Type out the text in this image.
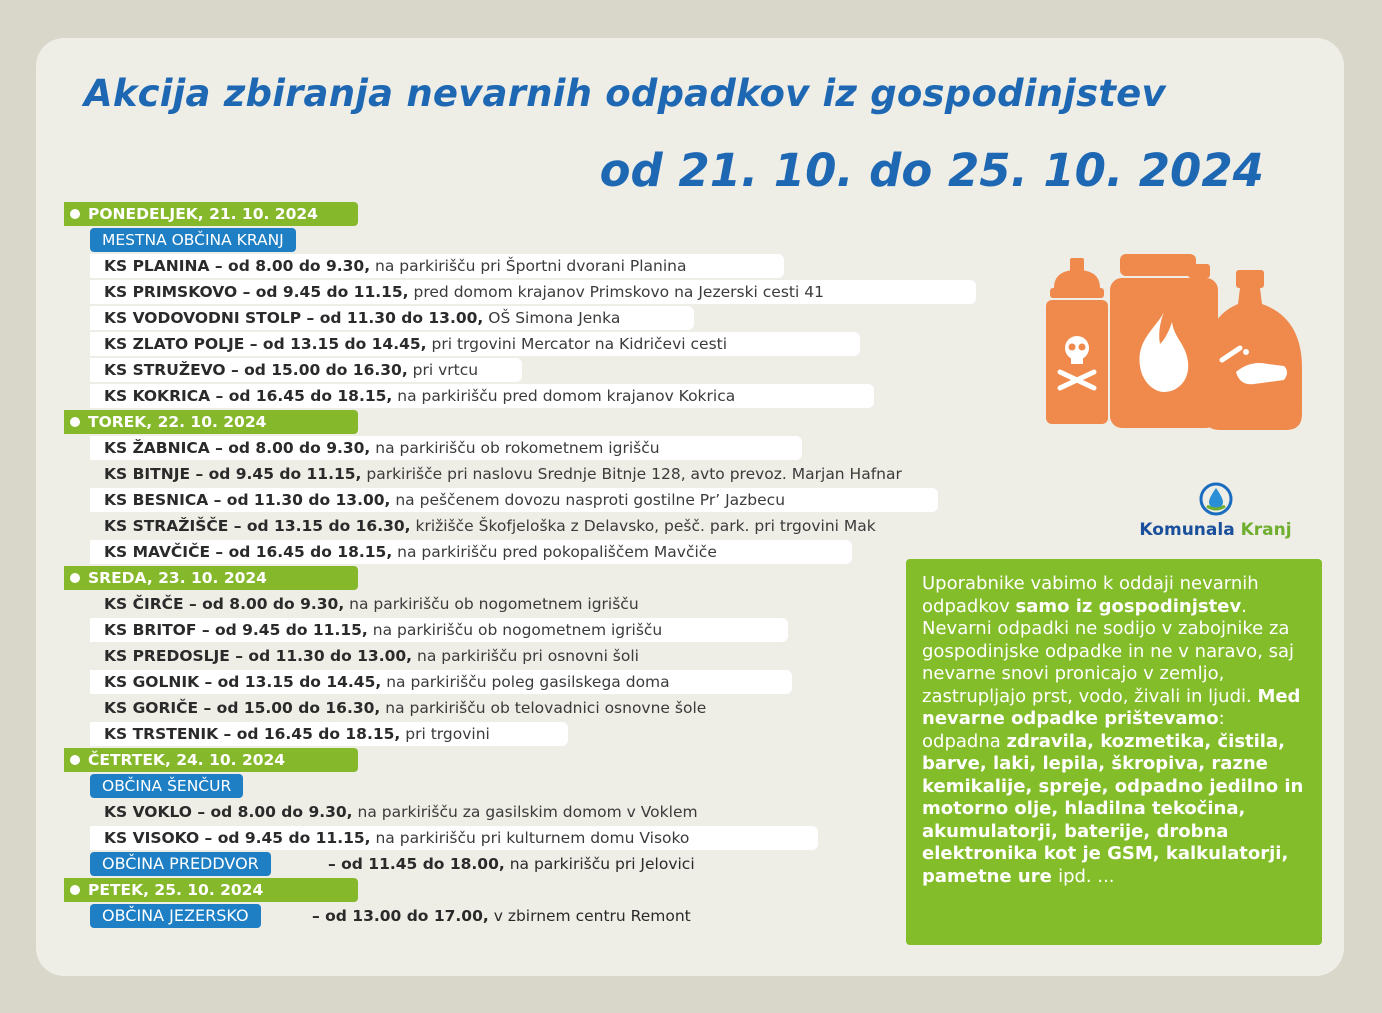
Akcija zbiranja nevarnih odpadkov iz gospodinjstev
od 21. 10. do 25. 10. 2024
PONEDELJEK, 21. 10. 2024
MESTNA OBČINA KRANJ
KS PLANINA – od 8.00 do 9.30, na parkirišču pri Športni dvorani Planina
KS PRIMSKOVO – od 9.45 do 11.15, pred domom krajanov Primskovo na Jezerski cesti 41
KS VODOVODNI STOLP – od 11.30 do 13.00, OŠ Simona Jenka
KS ZLATO POLJE – od 13.15 do 14.45, pri trgovini Mercator na Kidričevi cesti
KS STRUŽEVO – od 15.00 do 16.30, pri vrtcu
KS KOKRICA – od 16.45 do 18.15, na parkirišču pred domom krajanov Kokrica
TOREK, 22. 10. 2024
KS ŽABNICA – od 8.00 do 9.30, na parkirišču ob rokometnem igrišču
KS BITNJE – od 9.45 do 11.15, parkirišče pri naslovu Srednje Bitnje 128, avto prevoz. Marjan Hafnar
KS BESNICA – od 11.30 do 13.00, na peščenem dovozu nasproti gostilne Pr’ Jazbecu
KS STRAŽIŠČE – od 13.15 do 16.30, križišče Škofjeloška z Delavsko, pešč. park. pri trgovini Mak
KS MAVČIČE – od 16.45 do 18.15, na parkirišču pred pokopališčem Mavčiče
SREDA, 23. 10. 2024
KS ČIRČE – od 8.00 do 9.30, na parkirišču ob nogometnem igrišču
KS BRITOF – od 9.45 do 11.15, na parkirišču ob nogometnem igrišču
KS PREDOSLJE – od 11.30 do 13.00, na parkirišču pri osnovni šoli
KS GOLNIK – od 13.15 do 14.45, na parkirišču poleg gasilskega doma
KS GORIČE – od 15.00 do 16.30, na parkirišču ob telovadnici osnovne šole
KS TRSTENIK – od 16.45 do 18.15, pri trgovini
ČETRTEK, 24. 10. 2024
OBČINA ŠENČUR
KS VOKLO – od 8.00 do 9.30, na parkirišču za gasilskim domom v Voklem
KS VISOKO – od 9.45 do 11.15, na parkirišču pri kulturnem domu Visoko
OBČINA PREDDVOR	– od 11.45 do 18.00, na parkirišču pri Jelovici
PETEK, 25. 10. 2024
OBČINA JEZERSKO	– od 13.00 do 17.00, v zbirnem centru Remont
Komunala Kranj
Uporabnike vabimo k oddaji nevarnih odpadkov samo iz gospodinjstev.
Nevarni odpadki ne sodijo v zabojnike za gospodinjske odpadke in ne v naravo, saj nevarne snovi pronicajo v zemljo, zastrupljajo prst, vodo, živali in ljudi. Med nevarne odpadke prištevamo: odpadna zdravila, kozmetika, čistila, barve, laki, lepila, škropiva, razne kemikalije, spreje, odpadno jedilno in motorno olje, hladilna tekočina, akumulatorji, baterije, drobna elektronika kot je GSM, kalkulatorji, pametne ure ipd. ...
